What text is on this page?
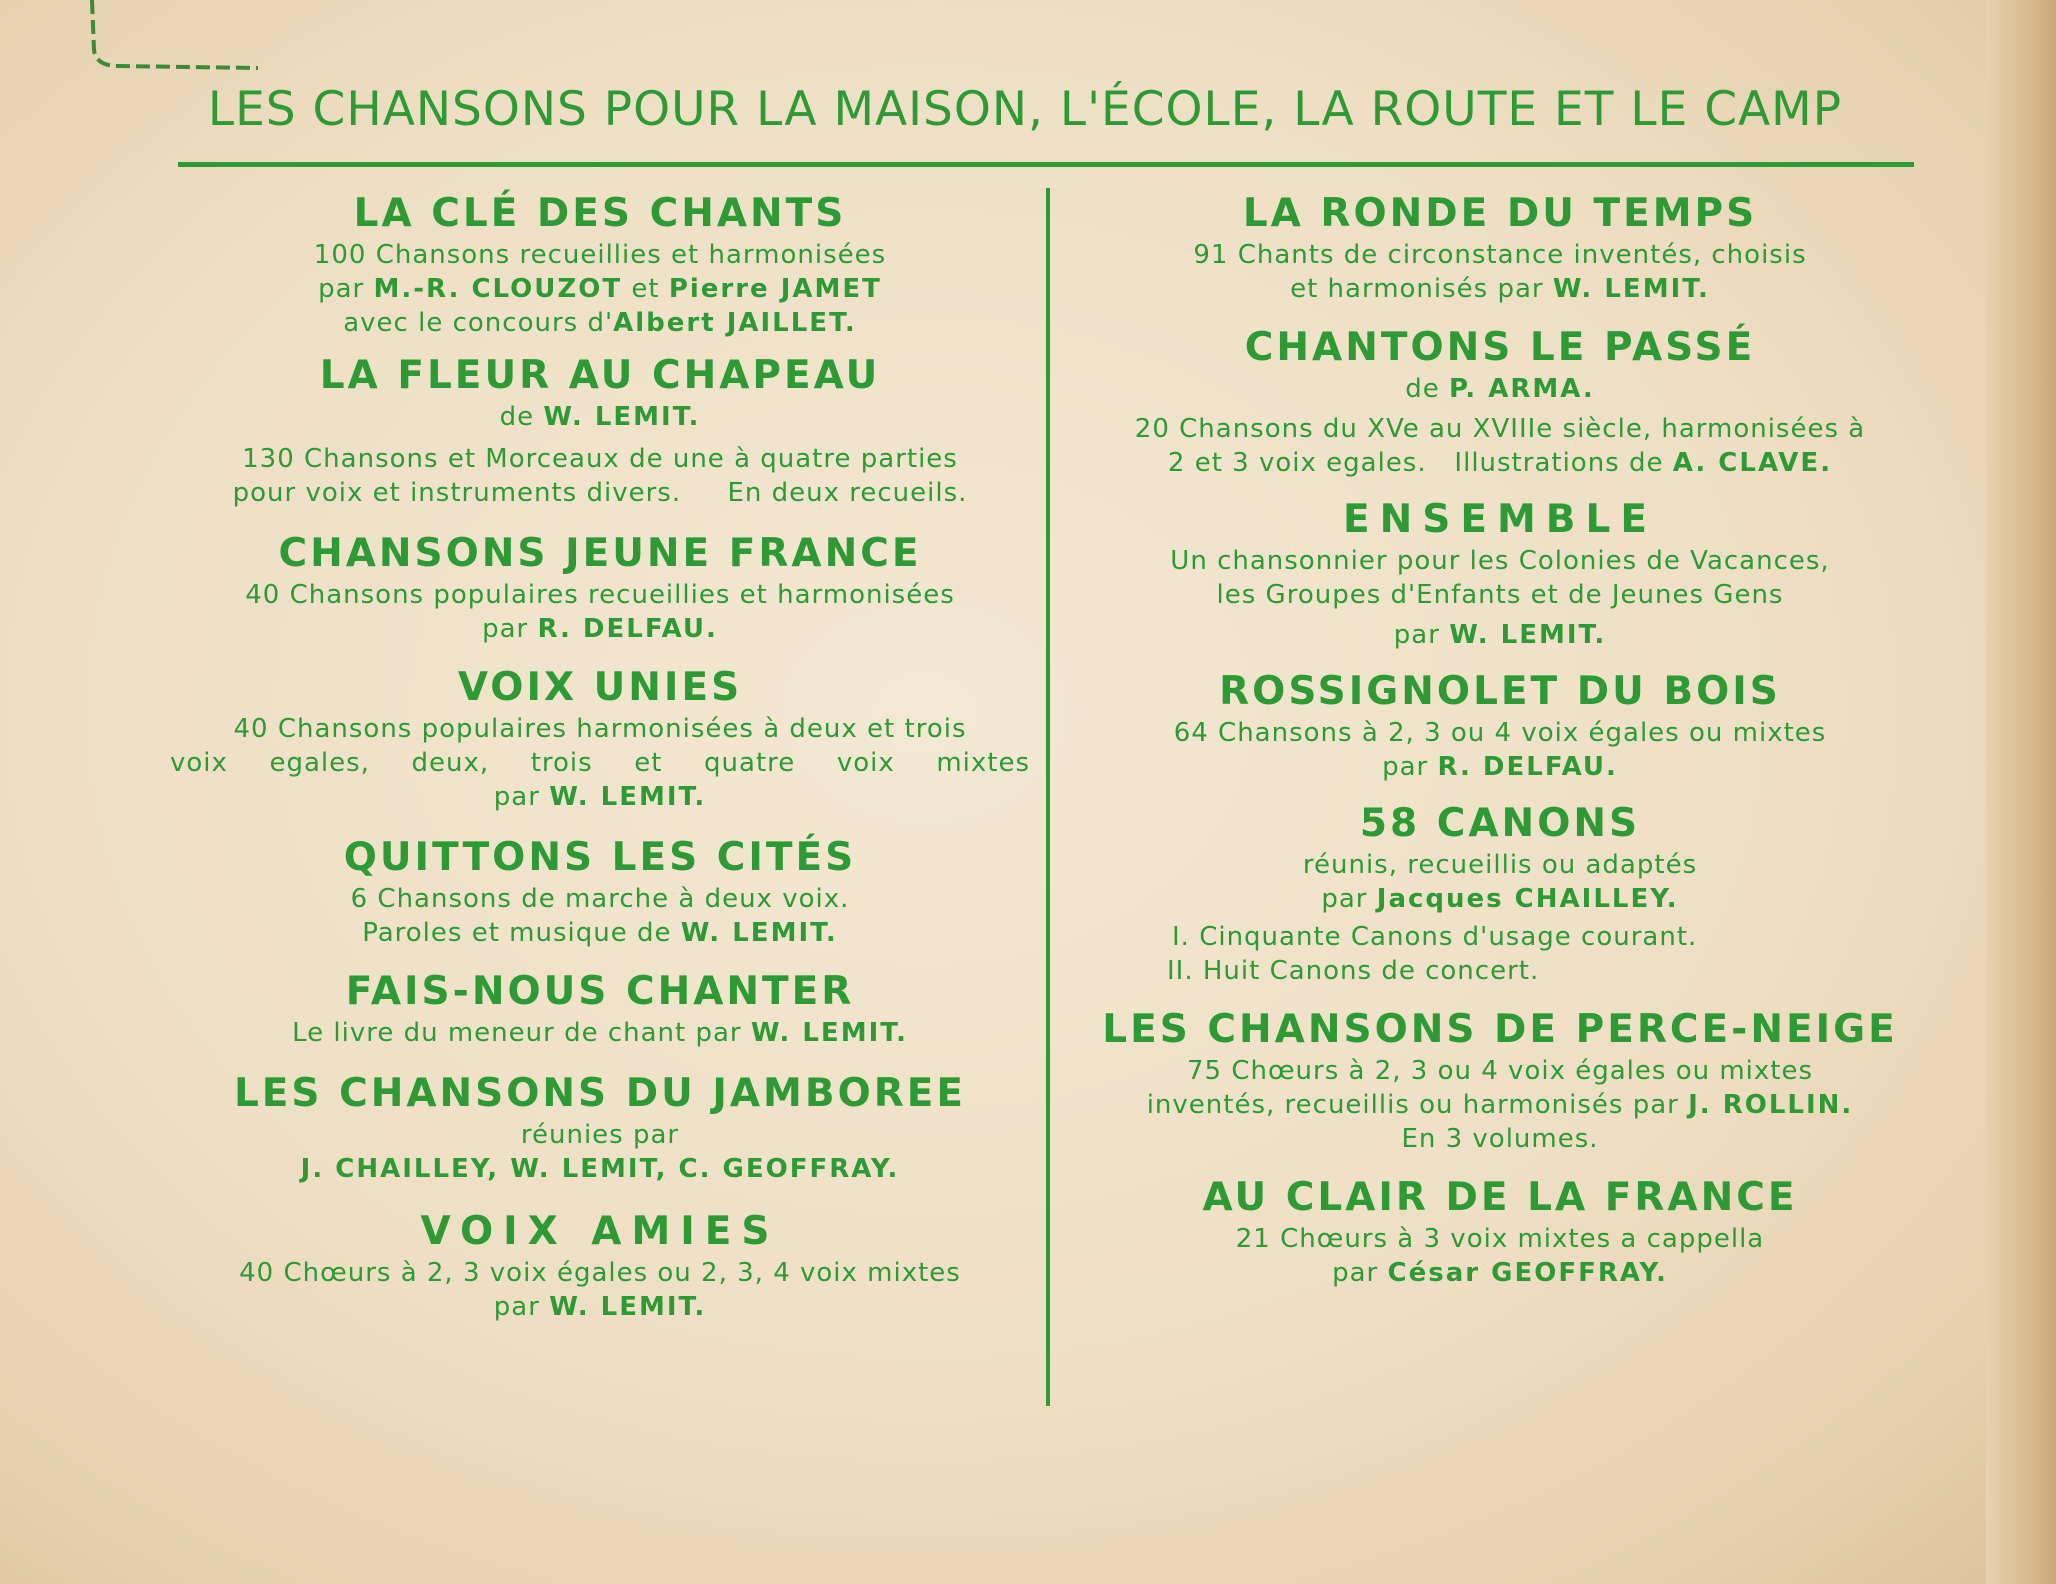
LES CHANSONS POUR LA MAISON, L'ÉCOLE, LA ROUTE ET LE CAMP
LA CLÉ DES CHANTS
100 Chansons recueillies et harmonisées
par M.-R. CLOUZOT et Pierre JAMET
avec le concours d'Albert JAILLET.
LA FLEUR AU CHAPEAU
de W. LEMIT.
130 Chansons et Morceaux de une à quatre parties
pour voix et instruments divers. En deux recueils.
CHANSONS JEUNE FRANCE
40 Chansons populaires recueillies et harmonisées
par R. DELFAU.
VOIX UNIES
40 Chansons populaires harmonisées à deux et trois
voix egales, deux, trois et quatre voix mixtes
par W. LEMIT.
QUITTONS LES CITÉS
6 Chansons de marche à deux voix.
Paroles et musique de W. LEMIT.
FAIS-NOUS CHANTER
Le livre du meneur de chant par W. LEMIT.
LES CHANSONS DU JAMBOREE
réunies par
J. CHAILLEY, W. LEMIT, C. GEOFFRAY.
VOIX AMIES
40 Chœurs à 2, 3 voix égales ou 2, 3, 4 voix mixtes
par W. LEMIT.
LA RONDE DU TEMPS
91 Chants de circonstance inventés, choisis
et harmonisés par W. LEMIT.
CHANTONS LE PASSÉ
de P. ARMA.
20 Chansons du XVe au XVIIIe siècle, harmonisées à
2 et 3 voix egales. Illustrations de A. CLAVE.
ENSEMBLE
Un chansonnier pour les Colonies de Vacances,
les Groupes d'Enfants et de Jeunes Gens
par W. LEMIT.
ROSSIGNOLET DU BOIS
64 Chansons à 2, 3 ou 4 voix égales ou mixtes
par R. DELFAU.
58 CANONS
réunis, recueillis ou adaptés
par Jacques CHAILLEY.
I. Cinquante Canons d'usage courant.
II. Huit Canons de concert.
LES CHANSONS DE PERCE-NEIGE
75 Chœurs à 2, 3 ou 4 voix égales ou mixtes
inventés, recueillis ou harmonisés par J. ROLLIN.
En 3 volumes.
AU CLAIR DE LA FRANCE
21 Chœurs à 3 voix mixtes a cappella
par César GEOFFRAY.
